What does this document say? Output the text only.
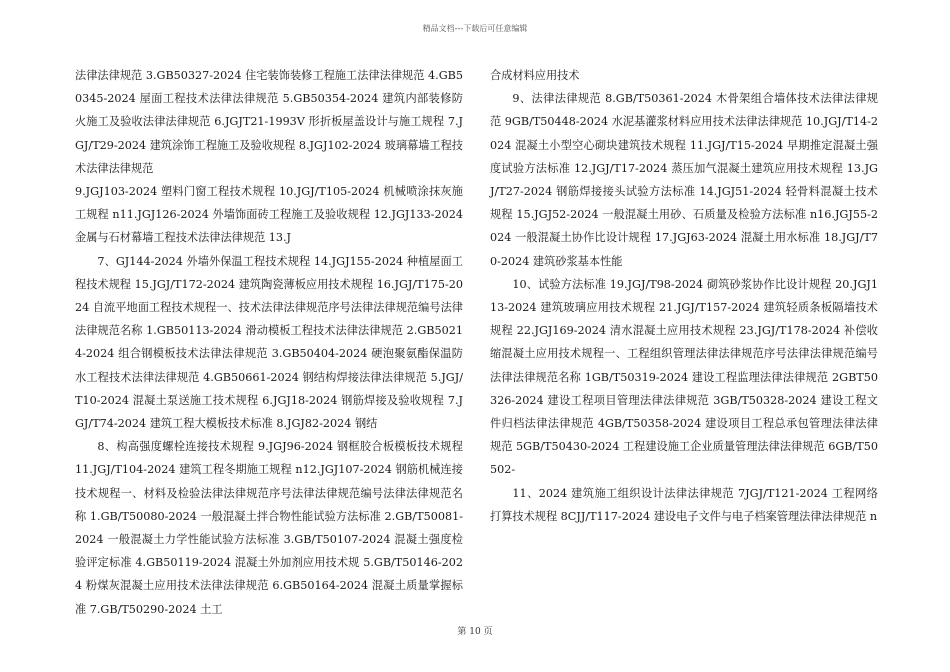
精品文档---下载后可任意编辑

法律法律规范 3.GB50327-2024 住宅装饰装修工程施工法律法律规范 4.GB50345-2024 屋面工程技术法律法律规范 5.GB50354-2024 建筑内部装修防火施工及验收法律法律规范 6.JGJT21-1993V 形折板屋盖设计与施工规程 7.JGJ/T29-2024 建筑涂饰工程施工及验收规程 8.JGJ102-2024 玻璃幕墙工程技术法律法律规范

9.JGJ103-2024 塑料门窗工程技术规程 10.JGJ/T105-2024 机械喷涂抹灰施工规程 n11.JGJ126-2024 外墙饰面砖工程施工及验收规程 12.JGJ133-2024 金属与石材幕墙工程技术法律法律规范 13.J

7、GJ144-2024 外墙外保温工程技术规程 14.JGJ155-2024 种植屋面工程技术规程 15.JGJ/T172-2024 建筑陶瓷薄板应用技术规程 16.JGJ/T175-2024 自流平地面工程技术规程一、技术法律法律规范序号法律法律规范编号法律法律规范名称 1.GB50113-2024 滑动模板工程技术法律法律规范 2.GB50214-2024 组合钢模板技术法律法律规范 3.GB50404-2024 硬泡聚氨酯保温防水工程技术法律法律规范 4.GB50661-2024 钢结构焊接法律法律规范 5.JGJ/T10-2024 混凝土泵送施工技术规程 6.JGJ18-2024 钢筋焊接及验收规程 7.JGJ/T74-2024 建筑工程大模板技术标准 8.JGJ82-2024 钢结

8、构高强度螺栓连接技术规程 9.JGJ96-2024 钢框胶合板模板技术规程 11.JGJ/T104-2024 建筑工程冬期施工规程 n12.JGJ107-2024 钢筋机械连接技术规程一、材料及检验法律法律规范序号法律法律规范编号法律法律规范名称 1.GB/T50080-2024 一般混凝土拌合物性能试验方法标准 2.GB/T50081-2024 一般混凝土力学性能试验方法标准 3.GB/T50107-2024 混凝土强度检验评定标准 4.GB50119-2024 混凝土外加剂应用技术规 5.GB/T50146-2024 粉煤灰混凝土应用技术法律法律规范 6.GB50164-2024 混凝土质量掌握标准 7.GB/T50290-2024 土工

合成材料应用技术

9、法律法律规范 8.GB/T50361-2024 木骨架组合墙体技术法律法律规范 9GB/T50448-2024 水泥基灌浆材料应用技术法律法律规范 10.JGJ/T14-2024 混凝土小型空心砌块建筑技术规程 11.JGJ/T15-2024 早期推定混凝土强度试验方法标准 12.JGJ/T17-2024 蒸压加气混凝土建筑应用技术规程 13.JGJ/T27-2024 钢筋焊接接头试验方法标准 14.JGJ51-2024 轻骨料混凝土技术规程 15.JGJ52-2024 一般混凝土用砂、石质量及检验方法标准 n16.JGJ55-2024 一般混凝土协作比设计规程 17.JGJ63-2024 混凝土用水标准 18.JGJ/T70-2024 建筑砂浆基本性能

10、试验方法标准 19.JGJ/T98-2024 砌筑砂浆协作比设计规程 20.JGJ113-2024 建筑玻璃应用技术规程 21.JGJ/T157-2024 建筑轻质条板隔墙技术规程 22.JGJ169-2024 清水混凝土应用技术规程 23.JGJ/T178-2024 补偿收缩混凝土应用技术规程一、工程组织管理法律法律规范序号法律法律规范编号法律法律规范名称 1GB/T50319-2024 建设工程监理法律法律规范 2GBT50326-2024 建设工程项目管理法律法律规范 3GB/T50328-2024 建设工程文件归档法律法律规范 4GB/T50358-2024 建设项目工程总承包管理法律法律规范 5GB/T50430-2024 工程建设施工企业质量管理法律法律规范 6GB/T50502-

11、2024 建筑施工组织设计法律法律规范 7JGJ/T121-2024 工程网络打算技术规程 8CJJ/T117-2024 建设电子文件与电子档案管理法律法律规范 n

第 10 页
